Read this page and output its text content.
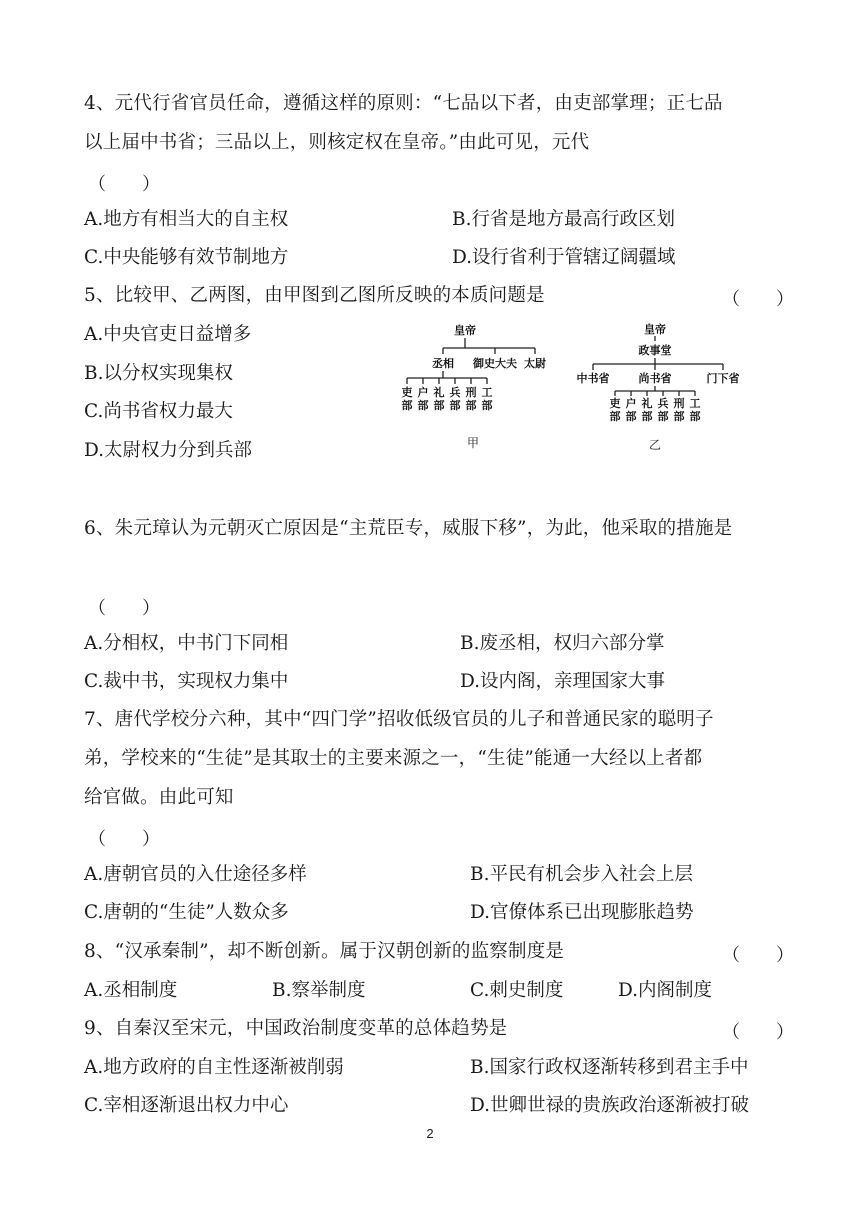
4、元代行省官员任命，遵循这样的原则：“七品以下者，由吏部掌理；正七品
以上届中书省；三品以上，则核定权在皇帝。”由此可见，元代
（　　）
A.地方有相当大的自主权	B.行省是地方最高行政区划
C.中央能够有效节制地方	D.设行省利于管辖辽阔疆域
5、比较甲、乙两图，由甲图到乙图所反映的本质问题是	（　　）
A.中央官吏日益增多
B.以分权实现集权
C.尚书省权力最大
D.太尉权力分到兵部
皇帝
丞相 御史大夫 太尉
吏
部
户
部
礼
部
兵
部
刑
部
工
部
甲
皇帝
政事堂
中书省	尚书省	门下省
吏
部
户
部
礼
部
兵
部
刑
部
工
部
乙
6、朱元璋认为元朝灭亡原因是“主荒臣专，威服下移”，为此，他采取的措施是
（　　）
A.分相权，中书门下同相	B.废丞相，权归六部分掌
C.裁中书，实现权力集中	D.设内阁，亲理国家大事
7、唐代学校分六种，其中“四门学”招收低级官员的儿子和普通民家的聪明子
弟，学校来的“生徒”是其取士的主要来源之一，“生徒”能通一大经以上者都
给官做。由此可知
（　　）
A.唐朝官员的入仕途径多样	B.平民有机会步入社会上层
C.唐朝的“生徒”人数众多	D.官僚体系已出现膨胀趋势
8、“汉承秦制”，却不断创新。属于汉朝创新的监察制度是	（　　）
A.丞相制度	B.察举制度	C.刺史制度	D.内阁制度
9、自秦汉至宋元，中国政治制度变革的总体趋势是	（　　）
A.地方政府的自主性逐渐被削弱	B.国家行政权逐渐转移到君主手中
C.宰相逐渐退出权力中心	D.世卿世禄的贵族政治逐渐被打破
2
